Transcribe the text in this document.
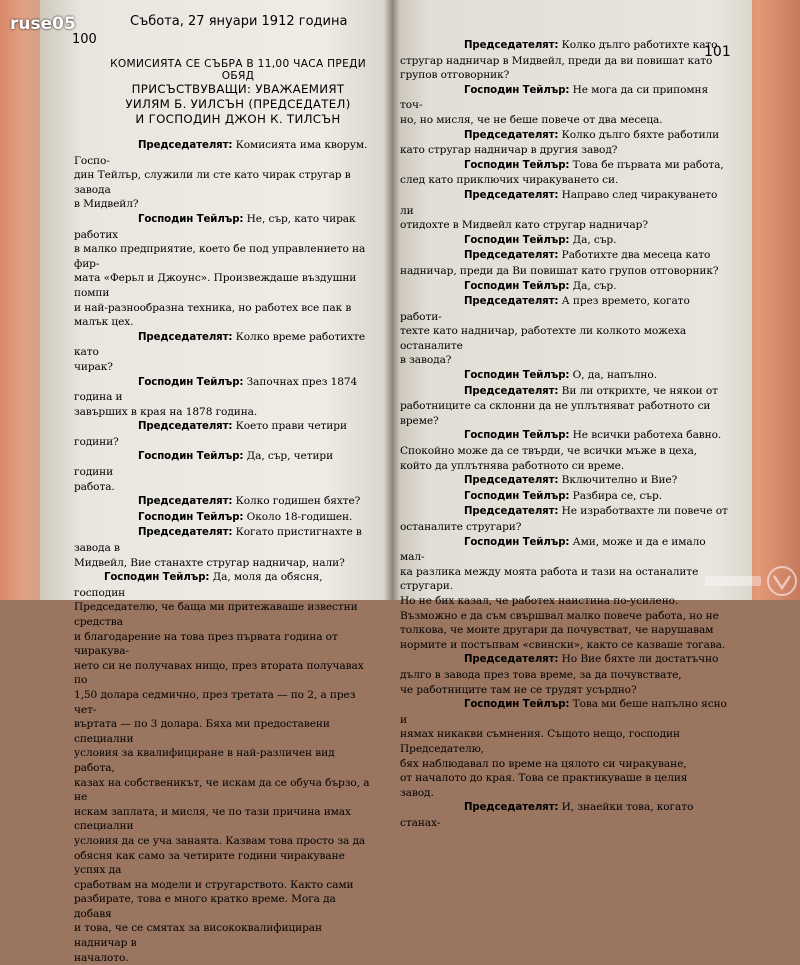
Събота, 27 януари 1912 година
100
КОМИСИЯТА СЕ СЪБРА В 11,00 ЧАСА ПРЕДИ ОБЯД
ПРИСЪСТВУВАЩИ: УВАЖАЕМИЯТ
УИЛЯМ Б. УИЛСЪН (ПРЕДСЕДАТЕЛ)
И ГОСПОДИН ДЖОН К. ТИЛСЪН

Председателят: Комисията има кворум. Госпо-

дин Тейлър, служили ли сте като чирак стругар в завода

в Мидвейл?

Господин Тейлър: Не, сър, като чирак работих

в малко предприятие, което бе под управлението на фир-

мата «Ферьл и Джоунс». Произвеждаше въздушни помпи

и най-разнообразна техника, но работех все пак в малък цех.

Председателят: Колко време работихте като

чирак?

Господин Тейлър: Започнах през 1874 година и

завърших в края на 1878 година.

Председателят: Което прави четири години?

Господин Тейлър: Да, сър, четири години

работа.

Председателят: Колко годишен бяхте?

Господин Тейлър: Около 18-годишен.

Председателят: Когато пристигнахте в завода в

Мидвейл, Вие станахте стругар надничар, нали?

Господин Тейлър: Да, моля да обясня, господин

Председателю, че баща ми притежаваше известни средства

и благодарение на това през първата година от чиракува-

нето си не получавах нищо, през втората получавах по

1,50 долара седмично, през третата — по 2, а през чет-

въртата — по 3 долара. Бяха ми предоставени специални

условия за квалифициране в най-различен вид работа,

казах на собственикът, че искам да се обуча бързо, а не

искам заплата, и мисля, че по тази причина имах специални

условия да се уча занаята. Казвам това просто за да

обясня как само за четирите години чиракуване успях да

сработвам на модели и стругарството. Както сами

разбирате, това е много кратко време. Мога да добавя

и това, че се смятах за висококвалифициран надничар в

началото.

101

Председателят: Колко дълго работихте като

стругар надничар в Мидвейл, преди да ви повишат като

групов отговорник?

Господин Тейлър: Не мога да си припомня точ-

но, но мисля, че не беше повече от два месеца.

Председателят: Колко дълго бяхте работили

като стругар надничар в другия завод?

Господин Тейлър: Това бе първата ми работа,

след като приключих чиракуването си.

Председателят: Направо след чиракуването ли

отидохте в Мидвейл като стругар надничар?

Господин Тейлър: Да, сър.

Председателят: Работихте два месеца като

надничар, преди да Ви повишат като групов отговорник?

Господин Тейлър: Да, сър.

Председателят: А през времето, когато работи-

техте като надничар, работехте ли колкото можеха останалите

в завода?

Господин Тейлър: О, да, напълно.

Председателят: Ви ли открихте, че някои от

работниците са склонни да не уплътняват работното си

време?

Господин Тейлър: Не всички работеха бавно.

Спокойно може да се твърди, че всички мъже в цеха,

който да уплътнява работното си време.

Председателят: Включително и Вие?

Господин Тейлър: Разбира се, сър.

Председателят: Не изработвахте ли повече от

останалите стругари?

Господин Тейлър: Ами, може и да е имало мал-

ка разлика между моята работа и тази на останалите стругари.

Но не бих казал, че работех наистина по-усилено.

Възможно е да съм свършвал малко повече работа, но не

толкова, че моите другари да почувстват, че нарушавам

нормите и постъпвам «свински», както се казваше тогава.

Председателят: Но Вие бяхте ли достатъчно

дълго в завода през това време, за да почувствате,

че работниците там не се трудят усърдно?

Господин Тейлър: Това ми беше напълно ясно и

нямах никакви съмнения. Същото нещо, господин Председателю,

бях наблюдавал по време на цялото си чиракуване,

от началото до края. Това се практикуваше в целия

завод.

Председателят: И, знаейки това, когато станах-

ruse05
